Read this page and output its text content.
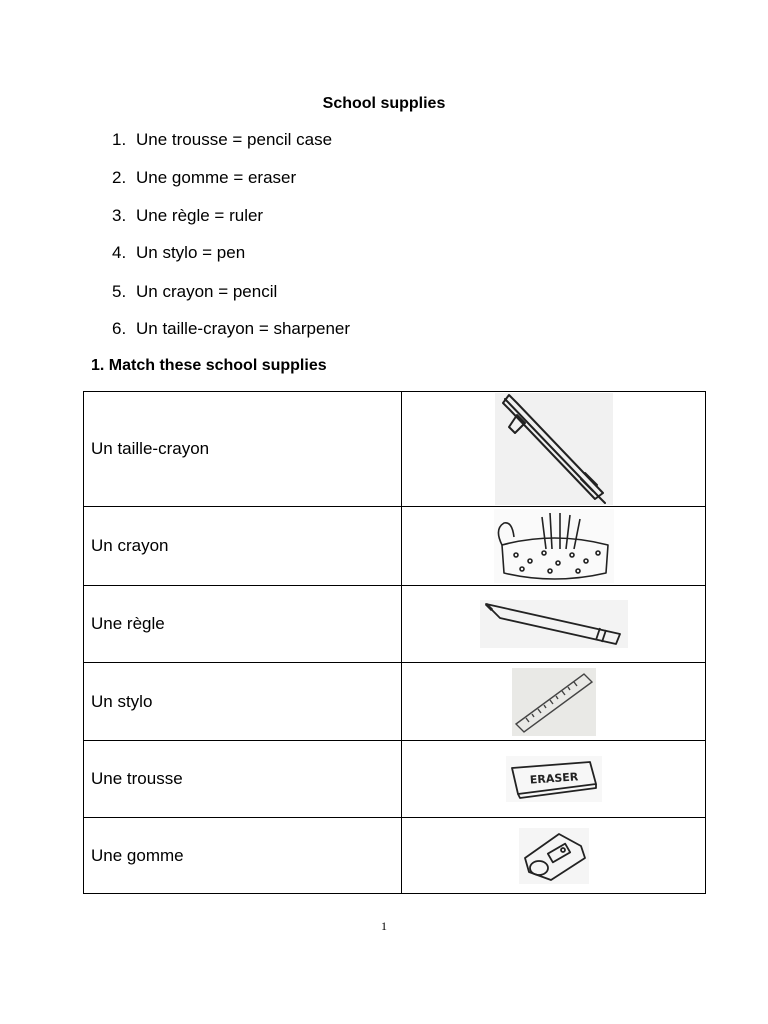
School supplies
1. Une trousse = pencil case
2. Une gomme = eraser
3. Une règle = ruler
4. Un stylo = pen
5. Un crayon = pencil
6. Un taille-crayon = sharpener
1. Match these school supplies
Un taille-crayon	

Un crayon	

Une règle	

Un stylo	

Une trousse	ERASER

Une gomme	
1
